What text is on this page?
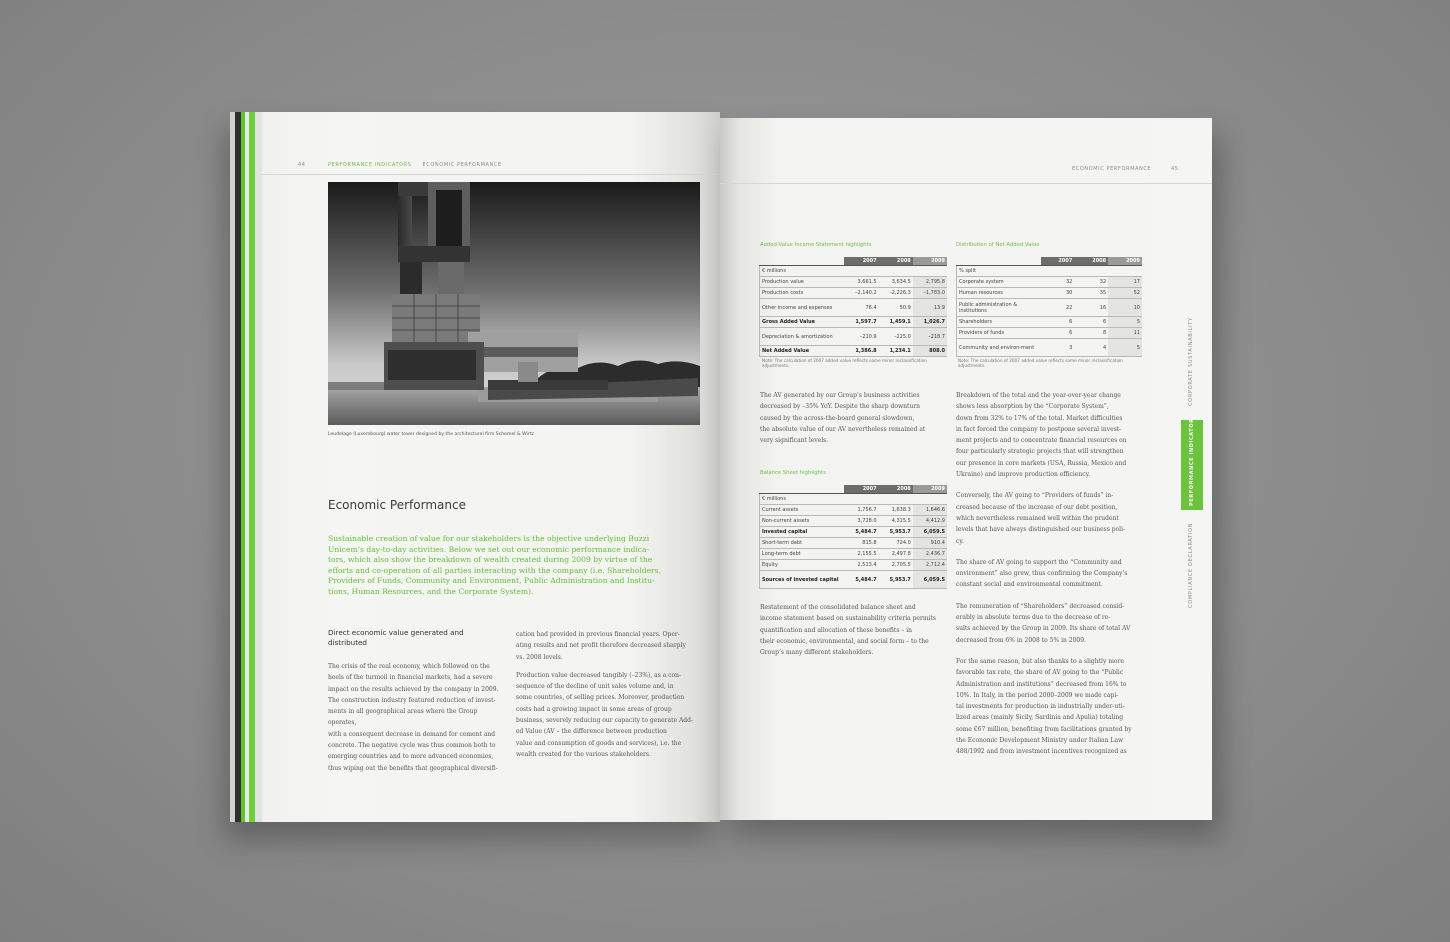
44	PERFORMANCE INDICATORS ECONOMIC PERFORMANCE
Leudelage (Luxembourg) water tower designed by the architectural firm Schemel & Wirtz
Economic Performance
Sustainable creation of value for our stakeholders is the objective underlying Buzzi
Unicem’s day-to-day activities. Below we set out our economic performance indica-
tors, which also show the breakdown of wealth created during 2009 by virtue of the
efforts and co-operation of all parties interacting with the company (i.e. Shareholders,
Providers of Funds, Community and Environment, Public Administration and Institu-
tions, Human Resources, and the Corporate System).
Direct economic value generated and
distributed
The crisis of the real economy, which followed on the
heels of the turmoil in financial markets, had a severe
impact on the results achieved by the company in 2009.
The construction industry featured reduction of invest-
ments in all geographical areas where the Group operates,
with a consequent decrease in demand for cement and
concrete. The negative cycle was thus common both to
emerging countries and to more advanced economies,
thus wiping out the benefits that geographical diversifi-
cation had provided in previous financial years. Oper-
ating results and net profit therefore decreased sharply
vs. 2008 levels.
Production value decreased tangibly (–23%), as a con-
sequence of the decline of unit sales volume and, in
some countries, of selling prices. Moreover, production
costs had a growing impact in some areas of group
business, severely reducing our capacity to generate Add-
ed Value (AV – the difference between production
value and consumption of goods and services), i.e. the
wealth created for the various stakeholders.
ECONOMIC PERFORMANCE	45
Added-Value Income Statement highlights
	2007	2008	2009
€ millions			
Production value	3,661.5	3,634.5	2,795.8
Production costs	–2,140.2	–2,226.3	–1,783.0
Other income and expenses	76.4	50.9	13.9
Gross Added Value	1,597.7	1,459.1	1,026.7
Depreciation & amortization	–210.9	–225.0	–218.7
Net Added Value	1,386.8	1,234.1	808.0
Note: The calculation of 2007 added value reflects some minor reclassification adjustments.
Distribution of Net Added Value
	2007	2008	2009
% split			
Corporate system	32	32	17
Human resources	30	35	52
Public administration & institutions	22	16	10
Shareholders	6	6	5
Providers of funds	6	8	11
Community and environ-ment	3	4	5
Note: The calculation of 2007 added value reflects some minor reclassification adjustments.
The AV generated by our Group’s business activities
decreased by –35% YoY. Despite the sharp downturn
caused by the across-the-board general slowdown,
the absolute value of our AV nevertheless remained at
very significant levels.
Balance Sheet highlights
	2007	2008	2009
€ millions			
Current assets	1,756.7	1,638.3	1,646.6
Non-current assets	3,728.0	4,315.5	4,412.9
Invested capital	5,484.7	5,953.7	6,059.5
Short-term debt	815.8	724.0	910.4
Long-term debt	2,155.5	2,497.8	2,436.7
Equity	2,513.4	2,705.5	2,712.4
Sources of invested capital	5,484.7	5,953.7	6,059.5
Restatement of the consolidated balance sheet and
income statement based on sustainability criteria permits
quantification and allocation of these benefits – in
their economic, environmental, and social form – to the
Group’s many different stakeholders.
Breakdown of the total and the year-over-year change
shows less absorption by the “Corporate System”,
down from 32% to 17% of the total. Market difficulties
in fact forced the company to postpone several invest-
ment projects and to concentrate financial resources on
four particularly strategic projects that will strengthen
our presence in core markets (USA, Russia, Mexico and
Ukraine) and improve production efficiency.
Conversely, the AV going to “Providers of funds” in-
creased because of the increase of our debt position,
which nevertheless remained well within the prudent
levels that have always distinguished our business poli-
cy.
The share of AV going to support the “Community and
environment” also grew, thus confirming the Company’s
constant social and environmental commitment.
The remuneration of “Shareholders” decreased consid-
erably in absolute terms due to the decrease of re-
sults achieved by the Group in 2009. Its share of total AV
decreased from 6% in 2008 to 5% in 2009.
For the same reason, but also thanks to a slightly more
favorable tax rate, the share of AV going to the “Public
Administration and institutions” decreased from 16% to
10%. In Italy, in the period 2000–2009 we made capi-
tal investments for production in industrially under-uti-
lized areas (mainly Sicily, Sardinia and Apulia) totaling
some €67 million, benefiting from facilitations granted by
the Economic Development Ministry under Italian Law
488/1992 and from investment incentives recognized as
CORPORATE SUSTAINABILITY
PERFORMANCE INDICATORS
COMPLIANCE DECLARATION
